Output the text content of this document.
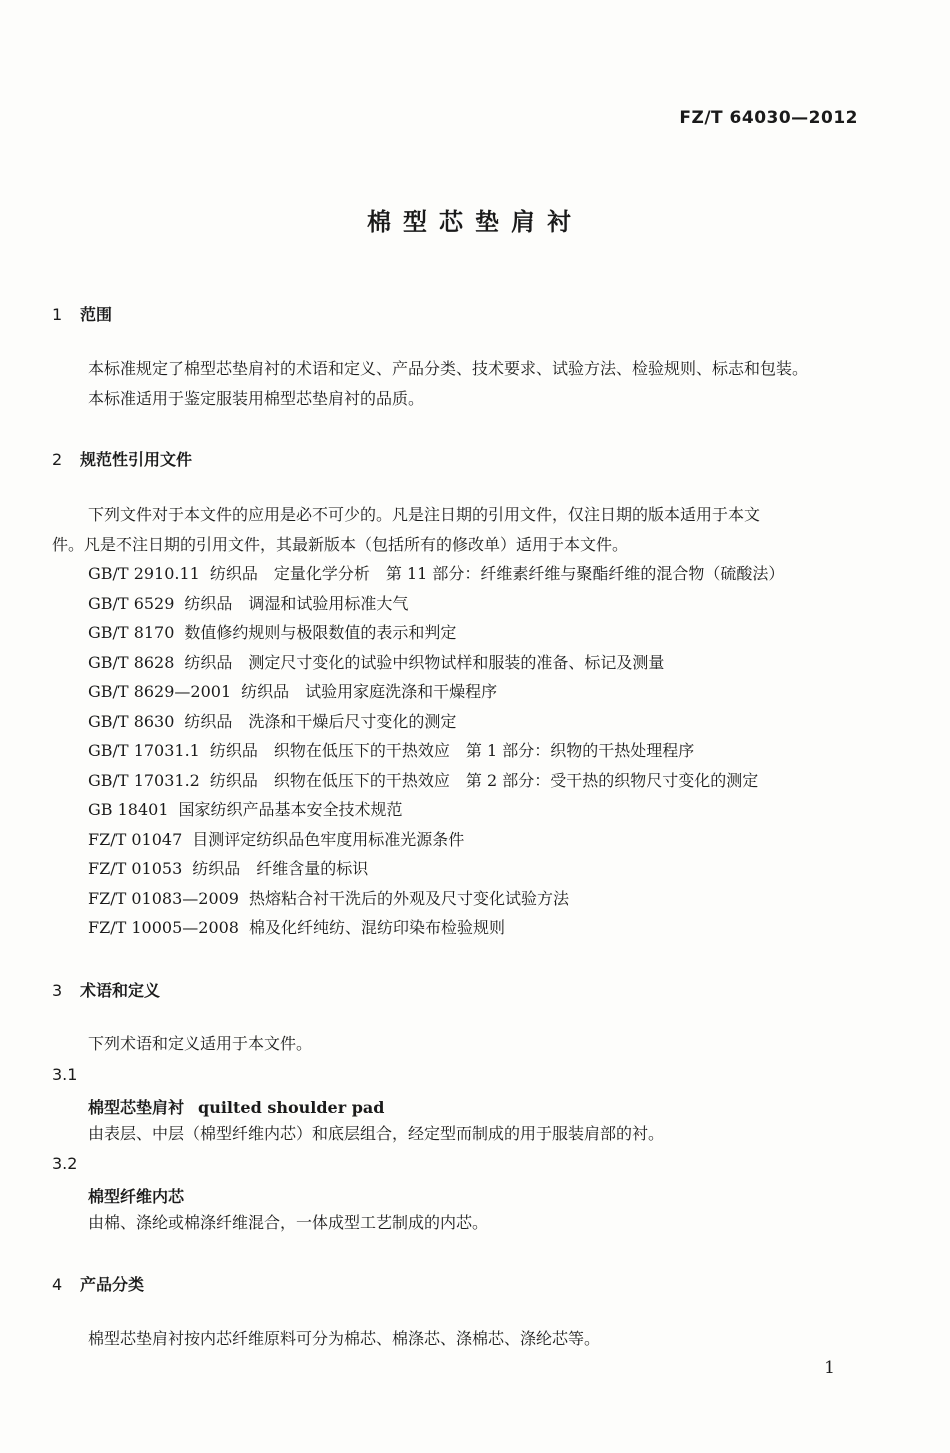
FZ/T 64030—2012
棉型芯垫肩衬
1 范围
本标准规定了棉型芯垫肩衬的术语和定义、产品分类、技术要求、试验方法、检验规则、标志和包装。
本标准适用于鉴定服装用棉型芯垫肩衬的品质。
2 规范性引用文件
下列文件对于本文件的应用是必不可少的。凡是注日期的引用文件，仅注日期的版本适用于本文
件。凡是不注日期的引用文件，其最新版本（包括所有的修改单）适用于本文件。
GB/T 2910.11 纺织品　定量化学分析　第 11 部分：纤维素纤维与聚酯纤维的混合物（硫酸法）
GB/T 6529 纺织品　调湿和试验用标准大气
GB/T 8170 数值修约规则与极限数值的表示和判定
GB/T 8628 纺织品　测定尺寸变化的试验中织物试样和服装的准备、标记及测量
GB/T 8629—2001 纺织品　试验用家庭洗涤和干燥程序
GB/T 8630 纺织品　洗涤和干燥后尺寸变化的测定
GB/T 17031.1 纺织品　织物在低压下的干热效应　第 1 部分：织物的干热处理程序
GB/T 17031.2 纺织品　织物在低压下的干热效应　第 2 部分：受干热的织物尺寸变化的测定
GB 18401 国家纺织产品基本安全技术规范
FZ/T 01047 目测评定纺织品色牢度用标准光源条件
FZ/T 01053 纺织品　纤维含量的标识
FZ/T 01083—2009 热熔粘合衬干洗后的外观及尺寸变化试验方法
FZ/T 10005—2008 棉及化纤纯纺、混纺印染布检验规则
3 术语和定义
下列术语和定义适用于本文件。
3.1
棉型芯垫肩衬 quilted shoulder pad
由表层、中层（棉型纤维内芯）和底层组合，经定型而制成的用于服装肩部的衬。
3.2
棉型纤维内芯
由棉、涤纶或棉涤纤维混合，一体成型工艺制成的内芯。
4 产品分类
棉型芯垫肩衬按内芯纤维原料可分为棉芯、棉涤芯、涤棉芯、涤纶芯等。
1
